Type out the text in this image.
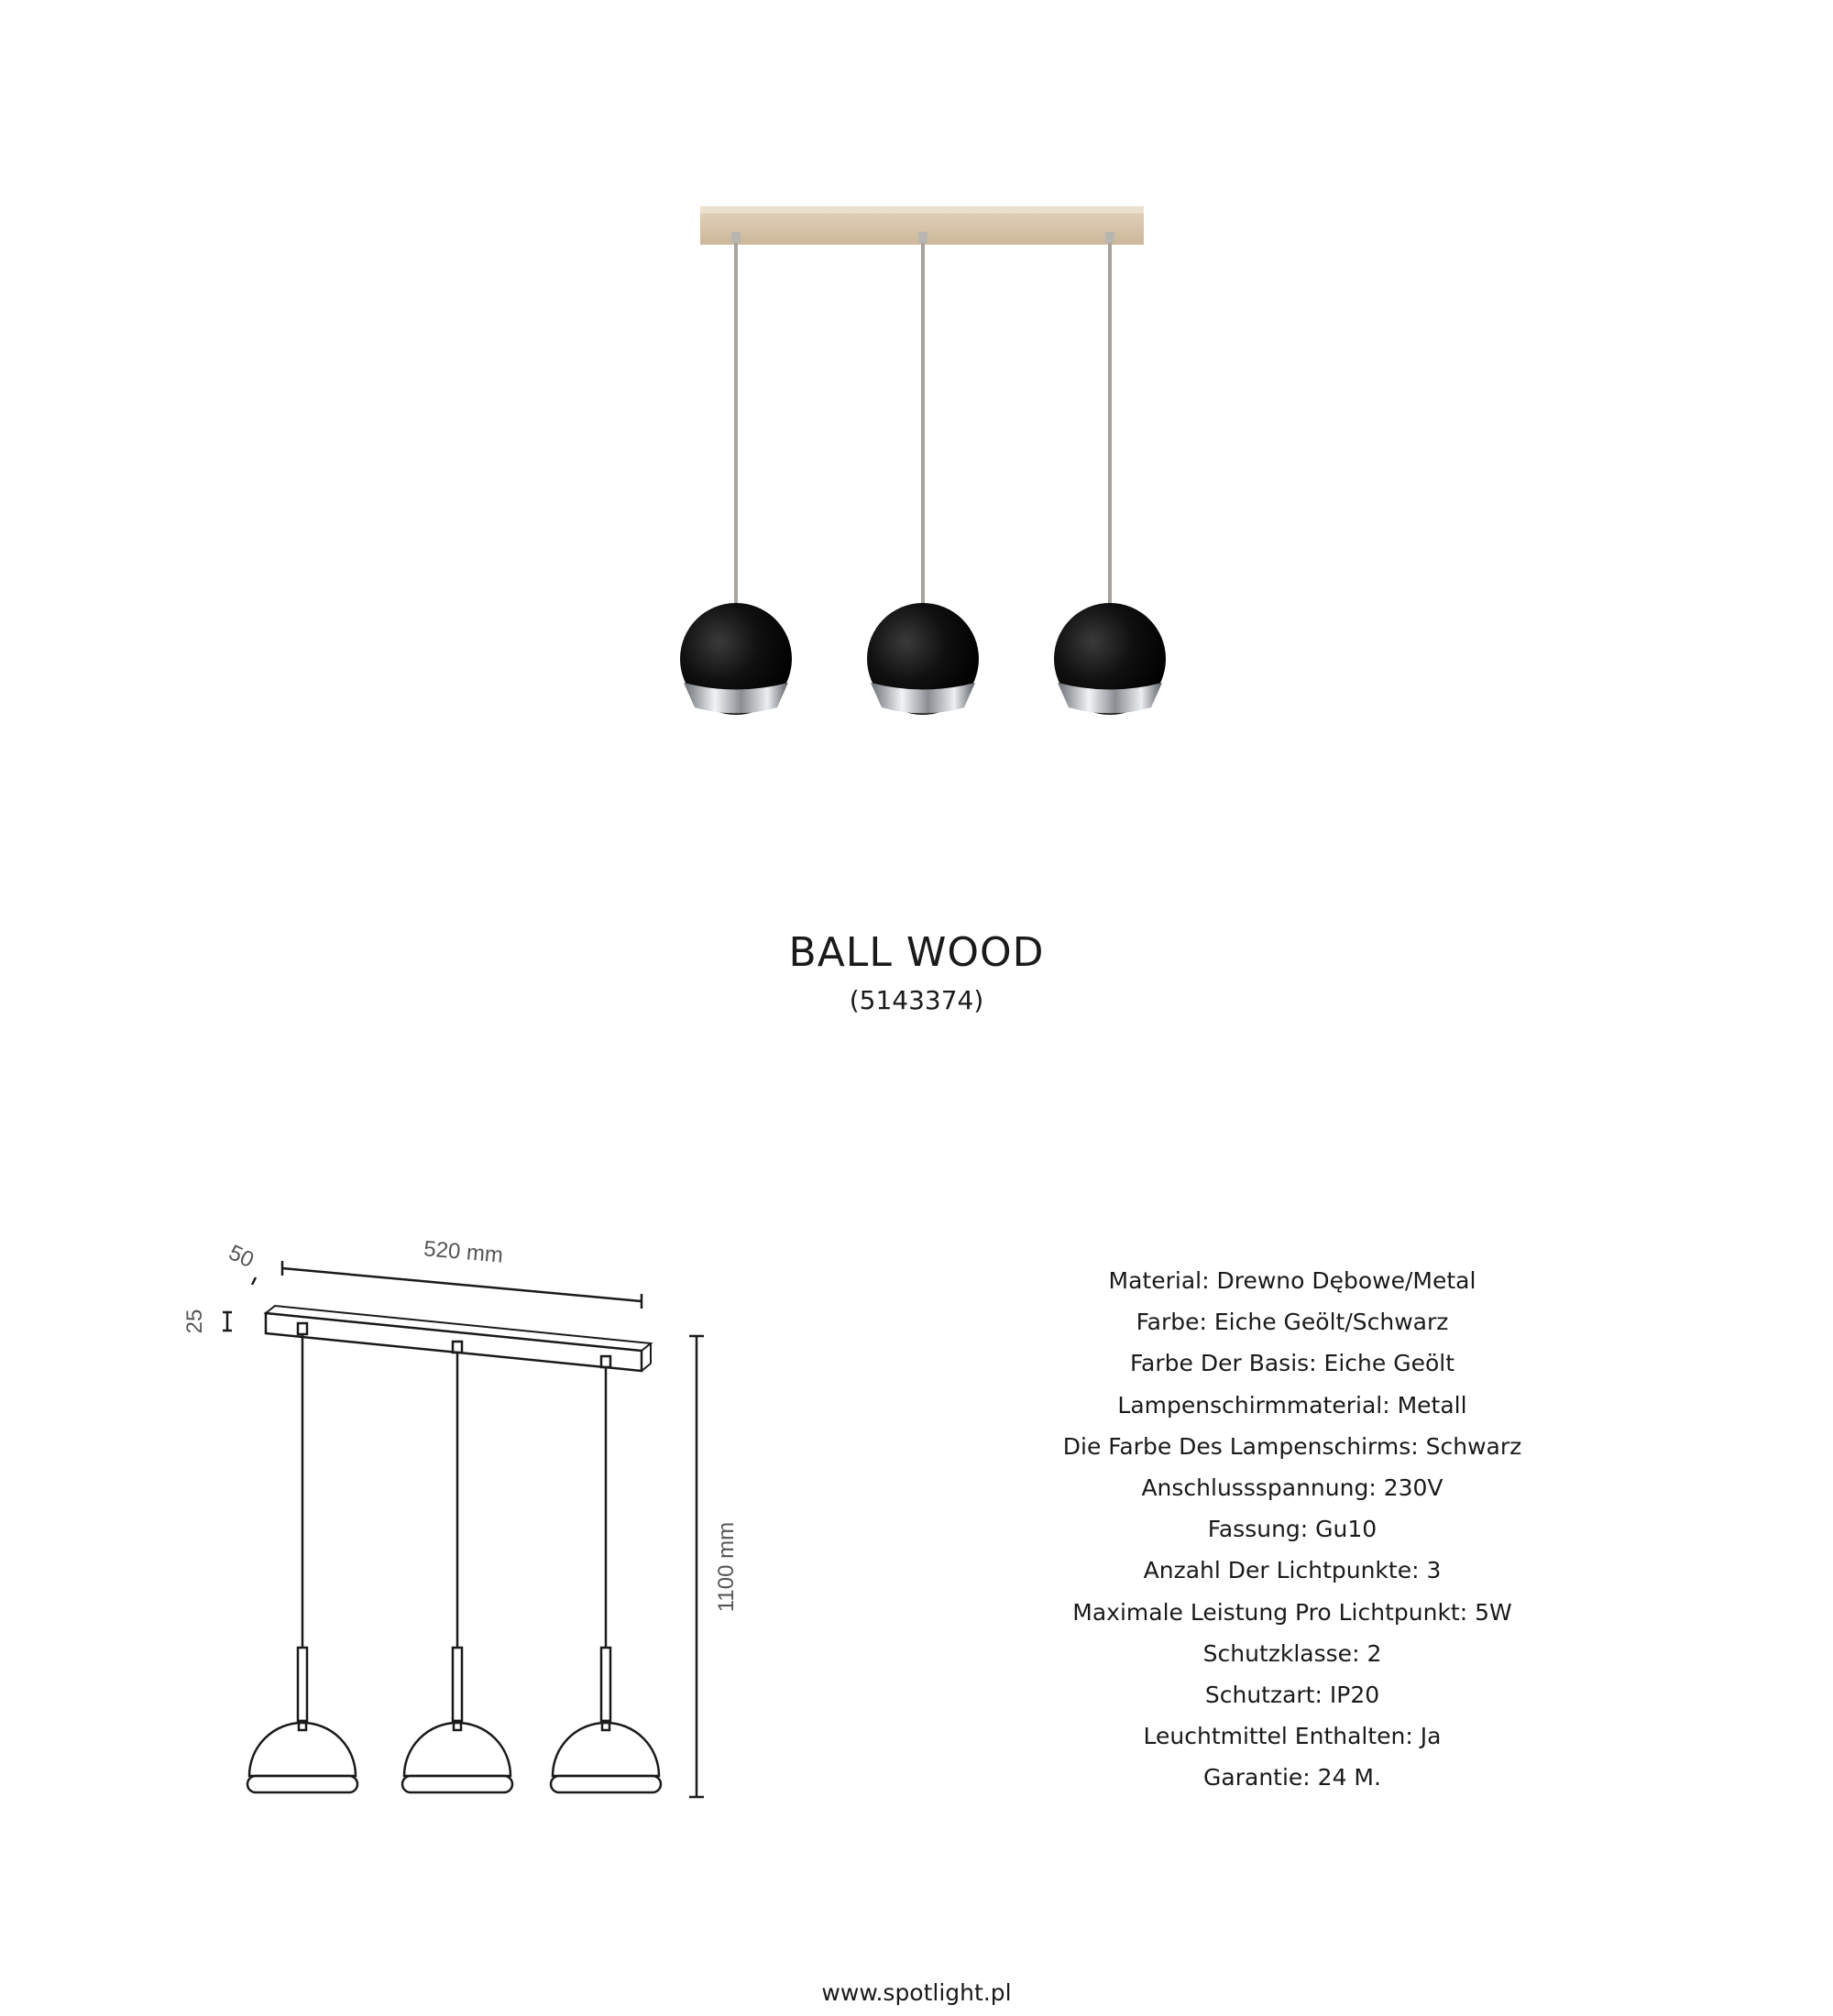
BALL WOOD
(5143374)
520 mm
1100 mm
50
25
Material: Drewno Dębowe/Metal
Farbe: Eiche Geölt/Schwarz
Farbe Der Basis: Eiche Geölt
Lampenschirmmaterial: Metall
Die Farbe Des Lampenschirms: Schwarz
Anschlussspannung: 230V
Fassung: Gu10
Anzahl Der Lichtpunkte: 3
Maximale Leistung Pro Lichtpunkt: 5W
Schutzklasse: 2
Schutzart: IP20
Leuchtmittel Enthalten: Ja
Garantie: 24 M.
www.spotlight.pl
